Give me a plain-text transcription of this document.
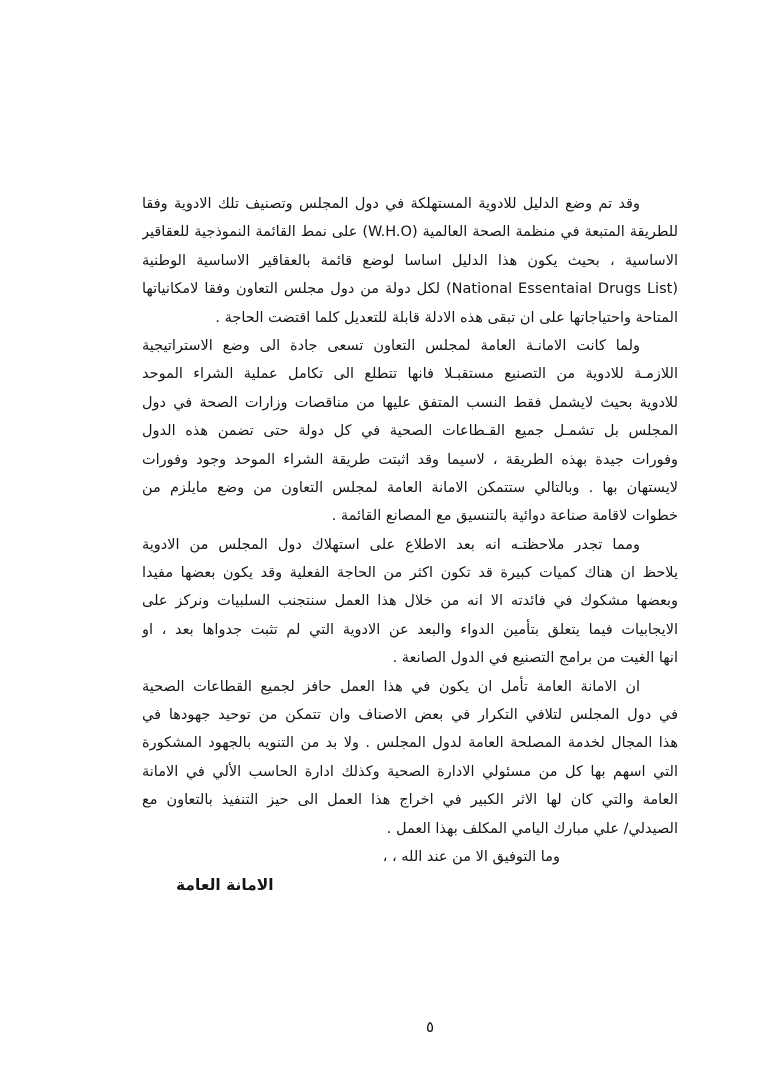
وقد تم وضع الدليل للادوية المستهلكة في دول المجلس وتصنيف تلك الادوية وفقا

للطريقة المتبعة في منظمة الصحة العالمية (W.H.O) على نمط القائمة النموذجية للعقاقير

الاساسية ، بحيث يكون هذا الدليل اساسا لوضع قائمة بالعقاقير الاساسية الوطنية

(National Essentaial Drugs List) لكل دولة من دول مجلس التعاون وفقا لامكانياتها

المتاحة واحتياجاتها على ان تبقى هذه الادلة قابلة للتعديل كلما اقتضت الحاجة .

ولما كانت الامانـة العامة لمجلس التعاون تسعى جادة الى وضع الاستراتيجية

اللازمـة للادوية من التصنيع مستقبـلا فانها تتطلع الى تكامل عملية الشراء الموحد

للادوية بحيث لايشمل فقط النسب المتفق عليها من مناقصات وزارات الصحة في دول

المجلس بل تشمـل جميع القـطاعات الصحية في كل دولة حتى تضمن هذه الدول

وفورات جيدة بهذه الطريقة ، لاسيما وقد اثبتت طريقة الشراء الموحد وجود وفورات

لايستهان بها . وبالتالي ستتمكن الامانة العامة لمجلس التعاون من وضع مايلزم من

خطوات لاقامة صناعة دوائية بالتنسيق مع المصانع القائمة .

ومما تجدر ملاحظتـه انه بعد الاطلاع على استهلاك دول المجلس من الادوية

يلاحظ ان هناك كميات كبيرة قد تكون اكثر من الحاجة الفعلية وقد يكون بعضها مفيدا

وبعضها مشكوك في فائدته الا انه من خلال هذا العمل سنتجنب السلبيات ونركز على

الايجابيات فيما يتعلق بتأمين الدواء والبعد عن الادوية التي لم تثبت جدواها بعد ، او

انها الغيت من برامج التصنيع في الدول الصانعة .

ان الامانة العامة تأمل ان يكون في هذا العمل حافز لجميع القطاعات الصحية

في دول المجلس لتلافي التكرار في بعض الاصناف وان تتمكن من توحيد جهودها في

هذا المجال لخدمة المصلحة العامة لدول المجلس . ولا بد من التنويه بالجهود المشكورة

التي اسهم بها كل من مسئولي الادارة الصحية وكذلك ادارة الحاسب الألي في الامانة

العامة والتي كان لها الاثر الكبير في اخراج هذا العمل الى حيز التنفيذ بالتعاون مع

الصيدلي/ علي مبارك اليامي المكلف بهذا العمل .

وما التوفيق الا من عند الله ، ،

الامانة العامة

٥
